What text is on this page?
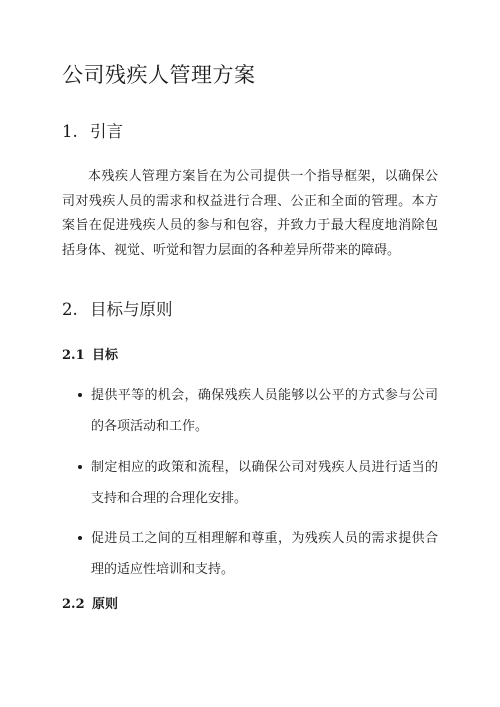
公司残疾人管理方案
1. 引言

本残疾人管理方案旨在为公司提供一个指导框架，以确保公司对残疾人员的需求和权益进行合理、公正和全面的管理。本方案旨在促进残疾人员的参与和包容，并致力于最大程度地消除包括身体、视觉、听觉和智力层面的各种差异所带来的障碍。

2. 目标与原则
2.1 目标
提供平等的机会，确保残疾人员能够以公平的方式参与公司的各项活动和工作。
制定相应的政策和流程，以确保公司对残疾人员进行适当的支持和合理的合理化安排。
促进员工之间的互相理解和尊重，为残疾人员的需求提供合理的适应性培训和支持。
2.2 原则
